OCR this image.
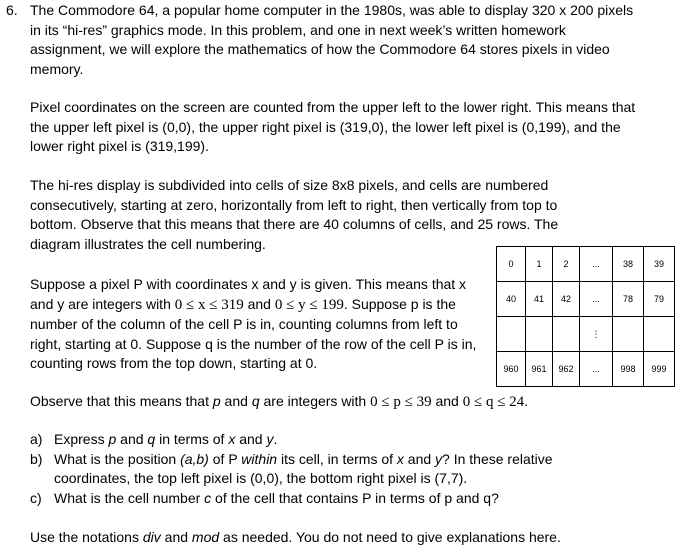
6. The Commodore 64, a popular home computer in the 1980s, was able to display 320 x 200 pixels in its “hi-res” graphics mode. In this problem, and one in next week’s written homework assignment, we will explore the mathematics of how the Commodore 64 stores pixels in video memory.
Pixel coordinates on the screen are counted from the upper left to the lower right. This means that the upper left pixel is (0,0), the upper right pixel is (319,0), the lower left pixel is (0,199), and the lower right pixel is (319,199).
The hi-res display is subdivided into cells of size 8x8 pixels, and cells are numbered consecutively, starting at zero, horizontally from left to right, then vertically from top to bottom. Observe that this means that there are 40 columns of cells, and 25 rows. The diagram illustrates the cell numbering.
0	1	2	...	38	39
40	41	42	...	78	79
			⋮		
960	961	962	...	998	999
Suppose a pixel P with coordinates x and y is given. This means that x and y are integers with 0 ≤ x ≤ 319 and 0 ≤ y ≤ 199. Suppose p is the number of the column of the cell P is in, counting columns from left to right, starting at 0. Suppose q is the number of the row of the cell P is in, counting rows from the top down, starting at 0.
Observe that this means that p and q are integers with 0 ≤ p ≤ 39 and 0 ≤ q ≤ 24.
a) Express p and q in terms of x and y.
b) What is the position (a,b) of P within its cell, in terms of x and y? In these relative coordinates, the top left pixel is (0,0), the bottom right pixel is (7,7).
c) What is the cell number c of the cell that contains P in terms of p and q?
Use the notations div and mod as needed. You do not need to give explanations here.
